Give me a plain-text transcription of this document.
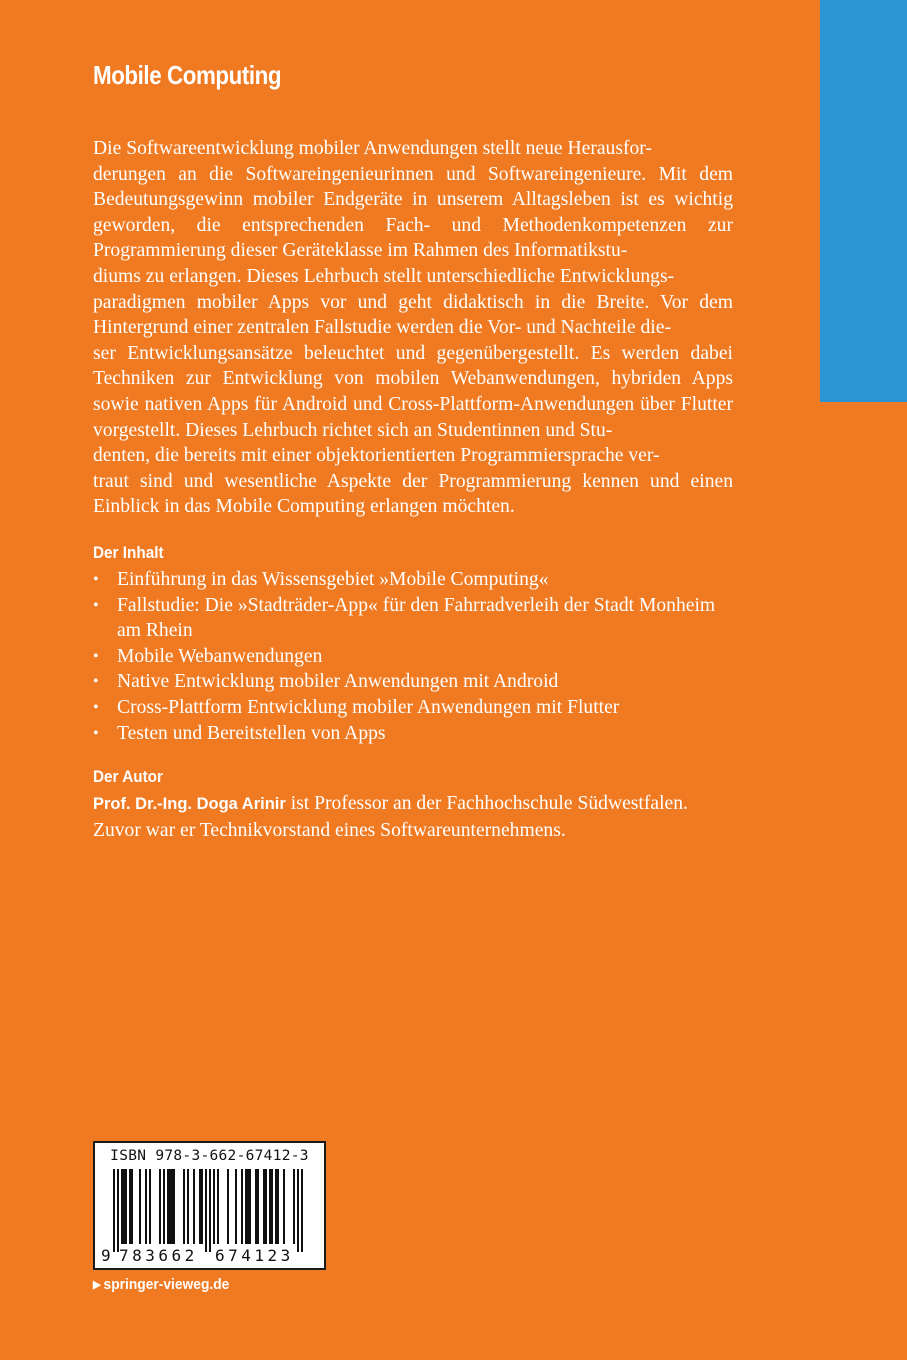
Mobile Computing
Die Softwareentwicklung mobiler Anwendungen stellt neue Herausfor-
derungen an die Softwareingenieurinnen und Softwareingenieure. Mit dem Bedeutungsgewinn mobiler Endgeräte in unserem Alltagsleben ist es wichtig geworden, die entsprechenden Fach- und Methodenkompetenzen zur Programmierung dieser Geräteklasse im Rahmen des Informatikstu-
diums zu erlangen. Dieses Lehrbuch stellt unterschiedliche Entwicklungs-
paradigmen mobiler Apps vor und geht didaktisch in die Breite. Vor dem Hintergrund einer zentralen Fallstudie werden die Vor- und Nachteile die-
ser Entwicklungsansätze beleuchtet und gegenübergestellt. Es werden dabei Techniken zur Entwicklung von mobilen Webanwendungen, hybriden Apps sowie nativen Apps für Android und Cross-Plattform-Anwendungen über Flutter vorgestellt. Dieses Lehrbuch richtet sich an Studentinnen und Stu-
denten, die bereits mit einer objektorientierten Programmiersprache ver-
traut sind und wesentliche Aspekte der Programmierung kennen und einen Einblick in das Mobile Computing erlangen möchten.
Der Inhalt
• Einführung in das Wissensgebiet »Mobile Computing«
• Fallstudie: Die »Stadträder-App« für den Fahrradverleih der Stadt Monheim am Rhein
• Mobile Webanwendungen
• Native Entwicklung mobiler Anwendungen mit Android
• Cross-Plattform Entwicklung mobiler Anwendungen mit Flutter
• Testen und Bereitstellen von Apps
Der Autor
Prof. Dr.-Ing. Doga Arinir ist Professor an der Fachhochschule Südwestfalen.
Zuvor war er Technikvorstand eines Softwareunternehmens.
ISBN 978-3-662-67412-3
9 783662 674123
▶ springer-vieweg.de
